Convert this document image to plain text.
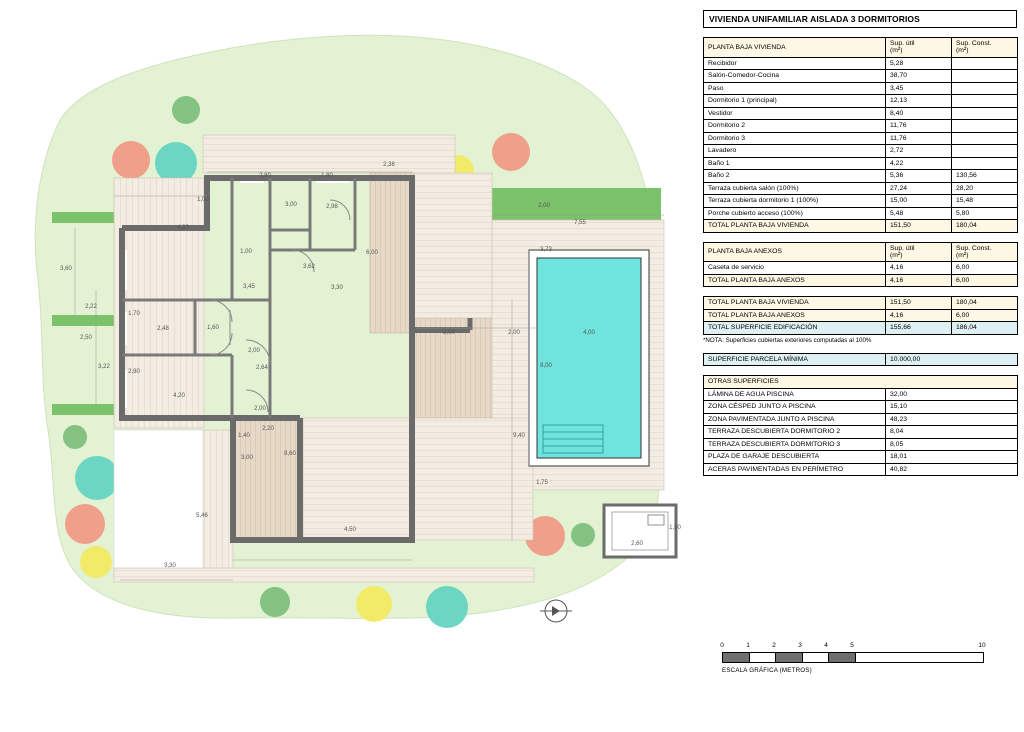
2,80	1,80
2,38
3,00	2,98
4,20
1,00
6,00
3,62
3,60
1,00
3,45	3,30
2,22
1,70
2,48	1,60
3,00	2,00	4,00
2,50
3,22
2,80
2,00
2,64	8,00
4,20
2,00
1,40
2,20
3,00
8,60
9,40
1,75
5,46
4,50	1,60
2,60
3,30
7,55
2,00
3,73
VIVIENDA UNIFAMILIAR AISLADA 3 DORMITORIOS
PLANTA BAJA VIVIENDA	Sup. útil
(m²)	Sup. Const.
(m²)
Recibidor	5,28	
Salón-Comedor-Cocina	38,70	
Paso	3,45	
Dormitorio 1 (principal)	12,13	
Vestidor	8,40	
Dormitorio 2	11,76	
Dormitorio 3	11,76	
Lavadero	2,72	
Baño 1	4,22	
Baño 2	5,36	130,56
Terraza cubierta salón (100%)	27,24	28,20
Terraza cubierta dormitorio 1 (100%)	15,00	15,48
Porche cubierto acceso (100%)	5,48	5,80
TOTAL PLANTA BAJA VIVIENDA	151,50	180,04
PLANTA BAJA ANEXOS	Sup. útil
(m²)	Sup. Const.
(m²)
Caseta de servicio	4,16	6,00
TOTAL PLANTA BAJA ANEXOS	4,16	6,00
TOTAL PLANTA BAJA VIVIENDA	151,50	180,04
TOTAL PLANTA BAJA ANEXOS	4,16	6,00
TOTAL SUPERFICIE EDIFICACIÓN	155,66	186,04
*NOTA: Superficies cubiertas exteriores computadas al 100%
SUPERFICIE PARCELA MÍNIMA	10.000,00
OTRAS SUPERFICIES	
LÁMINA DE AGUA PISCINA	32,00
ZONA CÉSPED JUNTO A PISCINA	15,10
ZONA PAVIMENTADA JUNTO A PISCINA	48,23
TERRAZA DESCUBIERTA DORMITORIO 2	8,04
TERRAZA DESCUBIERTA DORMITORIO 3	8,05
PLAZA DE GARAJE DESCUBIERTA	18,01
ACERAS PAVIMENTADAS EN PERÍMETRO	40,82
0	1	2	3	4	5	10
ESCALA GRÁFICA (METROS)
